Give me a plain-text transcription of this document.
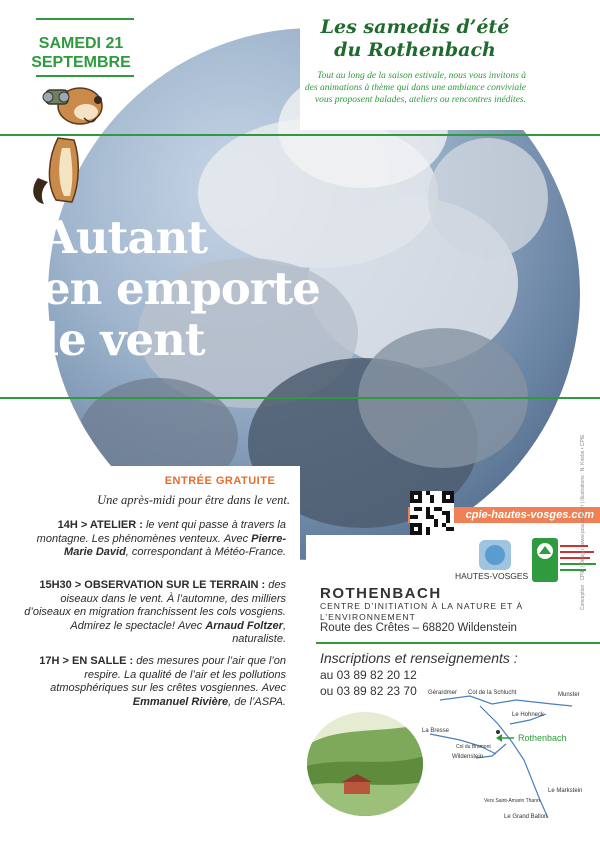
SAMEDI 21
SEPTEMBRE
Les samedis d’été
du Rothenbach
Tout au long de la saison estivale, nous vous invitons à des animations à thème qui dans une ambiance conviviale vous proposent balades, ateliers ou rencontres inédites.
Autant
en emporte
le vent
ENTRÉE GRATUITE
Une après-midi pour être dans le vent.
14H > ATELIER : le vent qui passe à travers la montagne. Les phénomènes venteux. Avec Pierre-Marie David, correspondant à Météo-France.
15H30 > OBSERVATION SUR LE TERRAIN : des oiseaux dans le vent. À l’automne, des milliers d’oiseaux en migration franchissent les cols vosgiens. Admirez le spectacle! Avec Arnaud Foltzer, naturaliste.
17H > EN SALLE : des mesures pour l’air que l’on respire. La qualité de l’air et les pollutions atmosphériques sur les crêtes vosgiennes. Avec Emmanuel Rivière, de l’ASPA.
cpie-hautes-vosges.com
HAUTES-VOSGES
ROTHENBACH
CENTRE D’INITIATION À LA NATURE ET À L’ENVIRONNEMENT
Route des Crêtes – 68820 Wildenstein
Inscriptions et renseignements :
au 03 89 82 20 12
ou 03 89 82 23 70 Gérardmer Col de la Schlucht	Munster
Le Hohneck
La Bresse
Col du Bramont
Wildenstein
Rothenbach
Le Markstein
Vers Saint-Amarin Thann
Le Grand Ballon
Conception : CPIE | Design : www.pcau.webs.fr | Illustrations : N. Knebs • CPIE
